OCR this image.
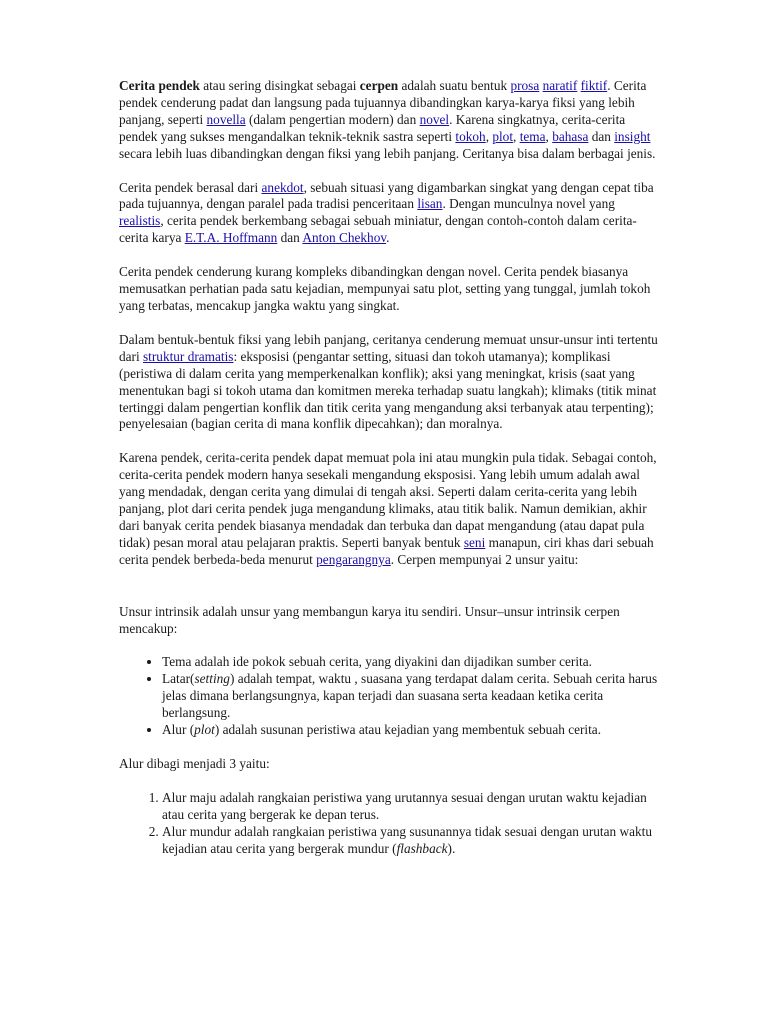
Cerita pendek atau sering disingkat sebagai cerpen adalah suatu bentuk prosa naratif fiktif. Cerita pendek cenderung padat dan langsung pada tujuannya dibandingkan karya-karya fiksi yang lebih panjang, seperti novella (dalam pengertian modern) dan novel. Karena singkatnya, cerita-cerita pendek yang sukses mengandalkan teknik-teknik sastra seperti tokoh, plot, tema, bahasa dan insight secara lebih luas dibandingkan dengan fiksi yang lebih panjang. Ceritanya bisa dalam berbagai jenis.

Cerita pendek berasal dari anekdot, sebuah situasi yang digambarkan singkat yang dengan cepat tiba pada tujuannya, dengan paralel pada tradisi penceritaan lisan. Dengan munculnya novel yang realistis, cerita pendek berkembang sebagai sebuah miniatur, dengan contoh-contoh dalam cerita-cerita karya E.T.A. Hoffmann dan Anton Chekhov.

Cerita pendek cenderung kurang kompleks dibandingkan dengan novel. Cerita pendek biasanya memusatkan perhatian pada satu kejadian, mempunyai satu plot, setting yang tunggal, jumlah tokoh yang terbatas, mencakup jangka waktu yang singkat.

Dalam bentuk-bentuk fiksi yang lebih panjang, ceritanya cenderung memuat unsur-unsur inti tertentu dari struktur dramatis: eksposisi (pengantar setting, situasi dan tokoh utamanya); komplikasi (peristiwa di dalam cerita yang memperkenalkan konflik); aksi yang meningkat, krisis (saat yang menentukan bagi si tokoh utama dan komitmen mereka terhadap suatu langkah); klimaks (titik minat tertinggi dalam pengertian konflik dan titik cerita yang mengandung aksi terbanyak atau terpenting); penyelesaian (bagian cerita di mana konflik dipecahkan); dan moralnya.

Karena pendek, cerita-cerita pendek dapat memuat pola ini atau mungkin pula tidak. Sebagai contoh, cerita-cerita pendek modern hanya sesekali mengandung eksposisi. Yang lebih umum adalah awal yang mendadak, dengan cerita yang dimulai di tengah aksi. Seperti dalam cerita-cerita yang lebih panjang, plot dari cerita pendek juga mengandung klimaks, atau titik balik. Namun demikian, akhir dari banyak cerita pendek biasanya mendadak dan terbuka dan dapat mengandung (atau dapat pula tidak) pesan moral atau pelajaran praktis. Seperti banyak bentuk seni manapun, ciri khas dari sebuah cerita pendek berbeda-beda menurut pengarangnya. Cerpen mempunyai 2 unsur yaitu:

Unsur intrinsik adalah unsur yang membangun karya itu sendiri. Unsur–unsur intrinsik cerpen mencakup:

• Tema adalah ide pokok sebuah cerita, yang diyakini dan dijadikan sumber cerita.
• Latar(setting) adalah tempat, waktu , suasana yang terdapat dalam cerita. Sebuah cerita harus jelas dimana berlangsungnya, kapan terjadi dan suasana serta keadaan ketika cerita berlangsung.
• Alur (plot) adalah susunan peristiwa atau kejadian yang membentuk sebuah cerita.

Alur dibagi menjadi 3 yaitu:

1. Alur maju adalah rangkaian peristiwa yang urutannya sesuai dengan urutan waktu kejadian atau cerita yang bergerak ke depan terus.
2. Alur mundur adalah rangkaian peristiwa yang susunannya tidak sesuai dengan urutan waktu kejadian atau cerita yang bergerak mundur (flashback).
